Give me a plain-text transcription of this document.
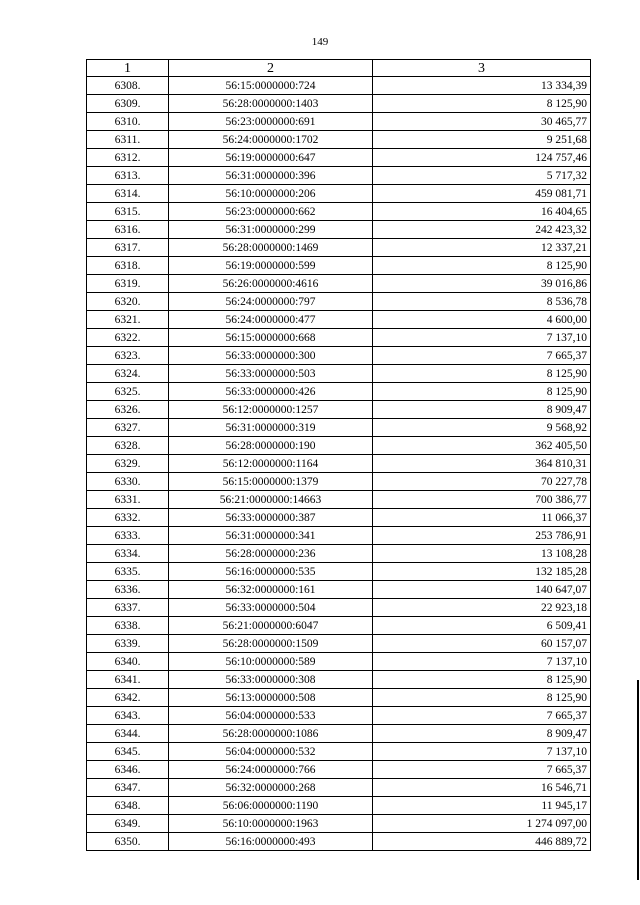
149
1	2	3
6308.	56:15:0000000:724	13 334,39
6309.	56:28:0000000:1403	8 125,90
6310.	56:23:0000000:691	30 465,77
6311.	56:24:0000000:1702	9 251,68
6312.	56:19:0000000:647	124 757,46
6313.	56:31:0000000:396	5 717,32
6314.	56:10:0000000:206	459 081,71
6315.	56:23:0000000:662	16 404,65
6316.	56:31:0000000:299	242 423,32
6317.	56:28:0000000:1469	12 337,21
6318.	56:19:0000000:599	8 125,90
6319.	56:26:0000000:4616	39 016,86
6320.	56:24:0000000:797	8 536,78
6321.	56:24:0000000:477	4 600,00
6322.	56:15:0000000:668	7 137,10
6323.	56:33:0000000:300	7 665,37
6324.	56:33:0000000:503	8 125,90
6325.	56:33:0000000:426	8 125,90
6326.	56:12:0000000:1257	8 909,47
6327.	56:31:0000000:319	9 568,92
6328.	56:28:0000000:190	362 405,50
6329.	56:12:0000000:1164	364 810,31
6330.	56:15:0000000:1379	70 227,78
6331.	56:21:0000000:14663	700 386,77
6332.	56:33:0000000:387	11 066,37
6333.	56:31:0000000:341	253 786,91
6334.	56:28:0000000:236	13 108,28
6335.	56:16:0000000:535	132 185,28
6336.	56:32:0000000:161	140 647,07
6337.	56:33:0000000:504	22 923,18
6338.	56:21:0000000:6047	6 509,41
6339.	56:28:0000000:1509	60 157,07
6340.	56:10:0000000:589	7 137,10
6341.	56:33:0000000:308	8 125,90
6342.	56:13:0000000:508	8 125,90
6343.	56:04:0000000:533	7 665,37
6344.	56:28:0000000:1086	8 909,47
6345.	56:04:0000000:532	7 137,10
6346.	56:24:0000000:766	7 665,37
6347.	56:32:0000000:268	16 546,71
6348.	56:06:0000000:1190	11 945,17
6349.	56:10:0000000:1963	1 274 097,00
6350.	56:16:0000000:493	446 889,72
